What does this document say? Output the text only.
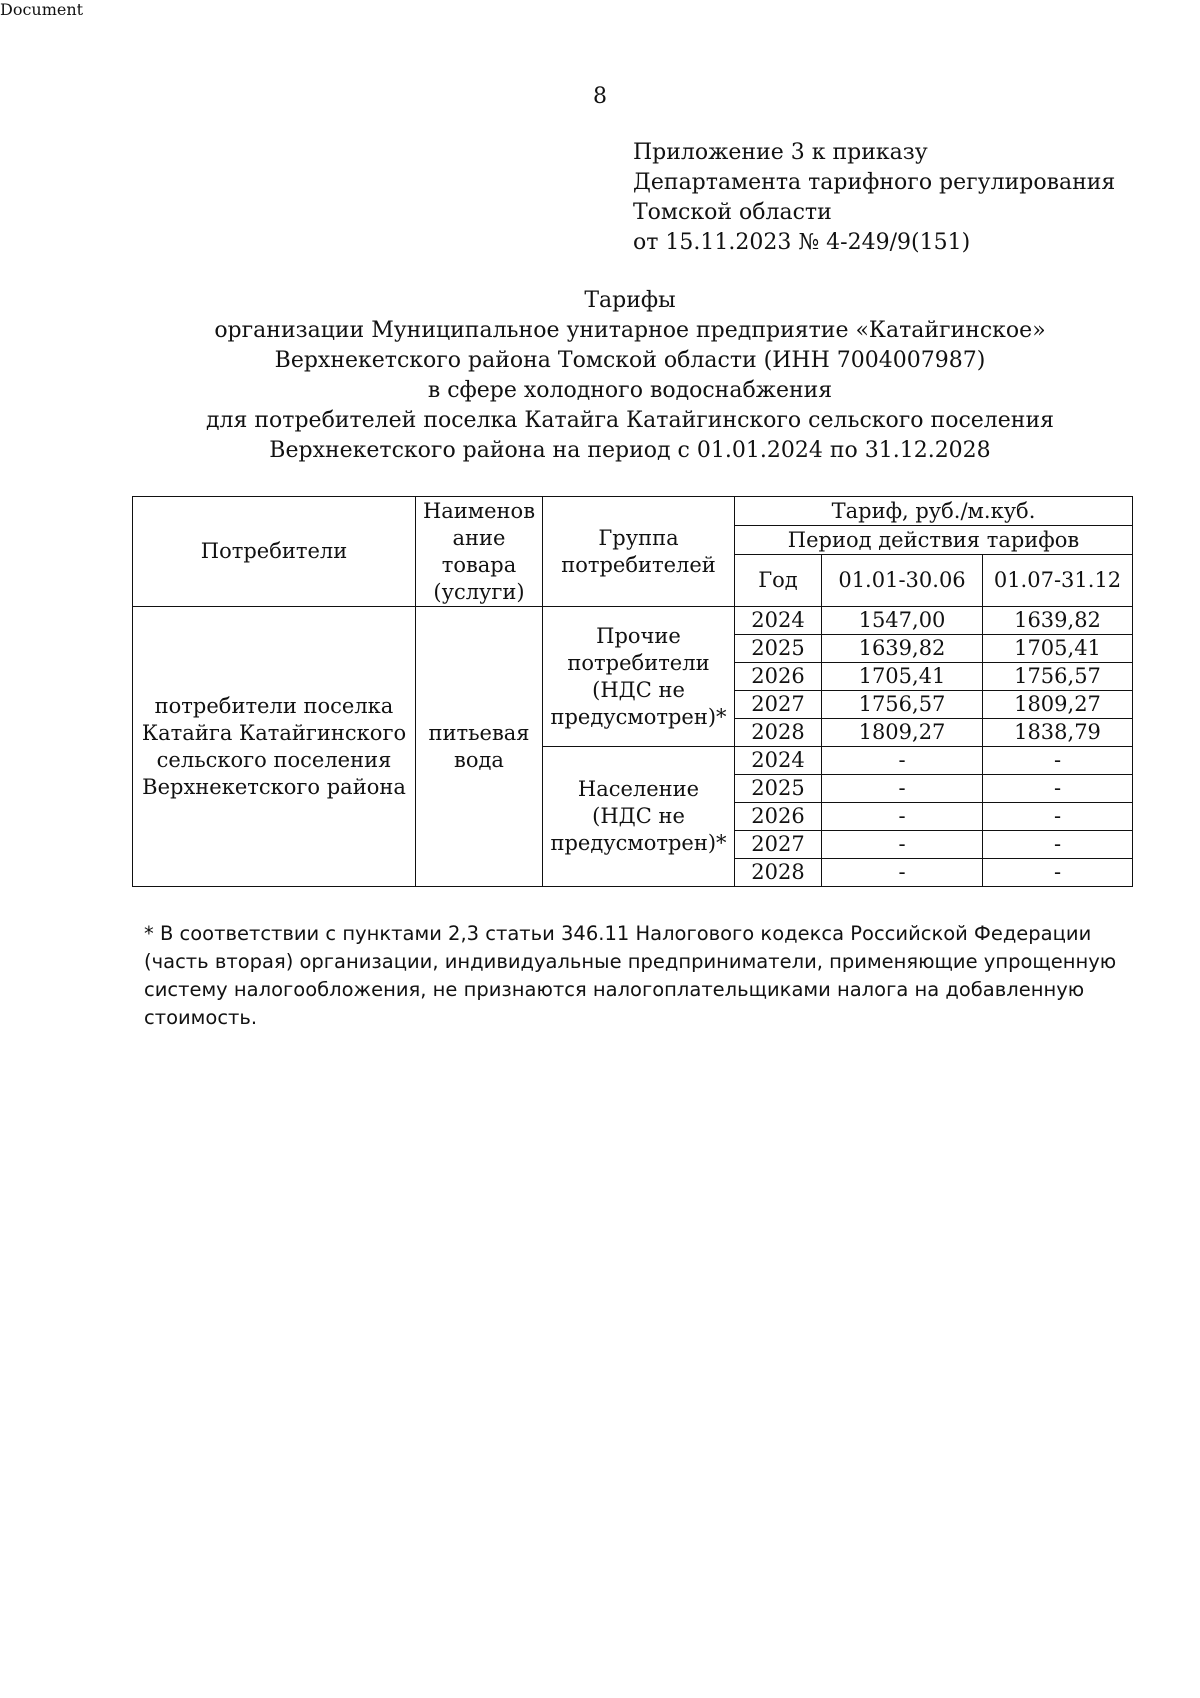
Document
8
Приложение 3 к приказу
Департамента тарифного регулирования
Томской области
от 15.11.2023 № 4-249/9(151)
Тарифы
организации Муниципальное унитарное предприятие «Катайгинское»
Верхнекетского района Томской области (ИНН 7004007987)
в сфере холодного водоснабжения
для потребителей поселка Катайга Катайгинского сельского поселения
Верхнекетского района на период с 01.01.2024 по 31.12.2028
Потребители	Наименов ание товара (услуги)	Группа потребителей	Тариф, руб./м.куб.		
			Период действия тарифов		
			Год	01.01-30.06	01.07-31.12
потребители поселка Катайга Катайгинского сельского поселения Верхнекетского района	питьевая вода	Прочие потребители (НДС не предусмотрен)*	2024	1547,00	1639,82
			2025	1639,82	1705,41
			2026	1705,41	1756,57
			2027	1756,57	1809,27
			2028	1809,27	1838,79
		Население (НДС не предусмотрен)*	2024	-	-
			2025	-	-
			2026	-	-
			2027	-	-
			2028	-	-
* В соответствии с пунктами 2,3 статьи 346.11 Налогового кодекса Российской Федерации (часть вторая) организации, индивидуальные предприниматели, применяющие упрощенную систему налогообложения, не признаются налогоплательщиками налога на добавленную стоимость.
